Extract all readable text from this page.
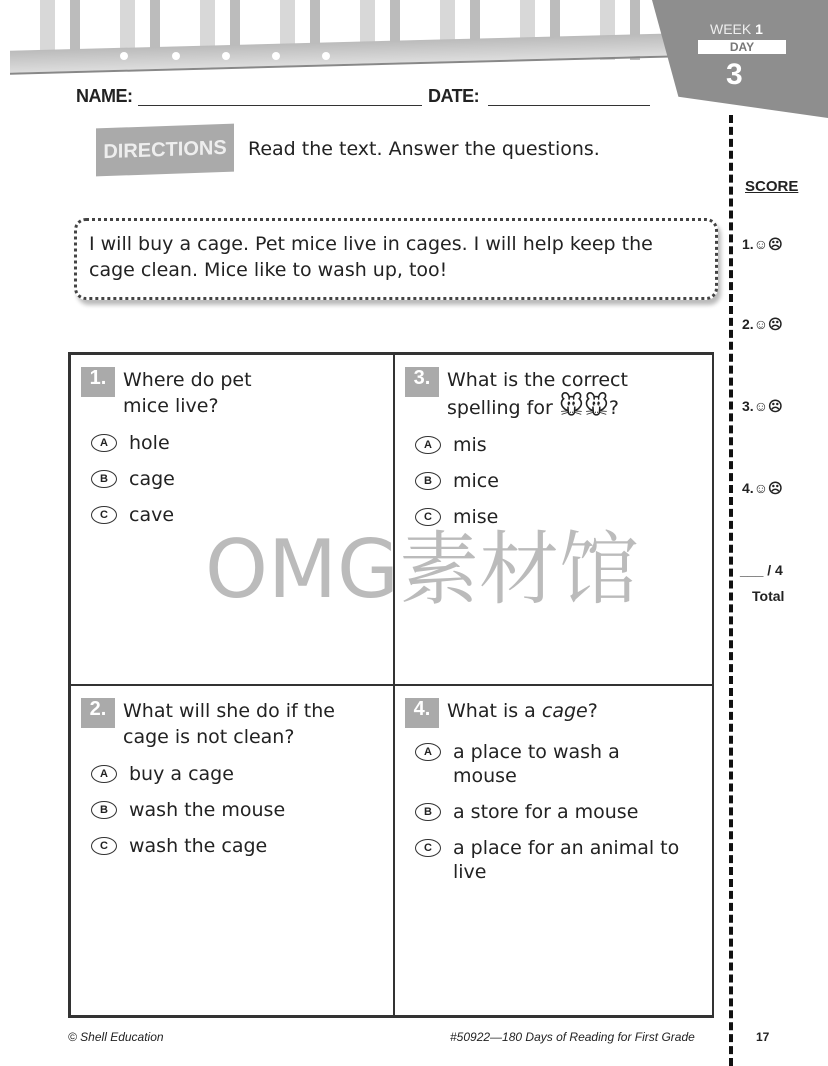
WEEK 1
DAY
3
NAME:	DATE:
DIRECTIONS	Read the text. Answer the questions.
I will buy a cage. Pet mice live in cages. I will help keep the cage clean. Mice like to wash up, too!
SCORE
1.☺☹
2.☺☹
3.☺☹
4.☺☹
___ / 4
Total
1. Where do pet mice live?
A	hole
B	cage
C	cave
3. What is the correct spelling for 🐭🐭?
A	mis
B	mice
C	mise
2. What will she do if the cage is not clean?
A	buy a cage
B	wash the mouse
C	wash the cage
4. What is a cage?
A	a place to wash a mouse
B	a store for a mouse
C	a place for an animal to live
OMG素材馆
© Shell Education	#50922—180 Days of Reading for First Grade	17
